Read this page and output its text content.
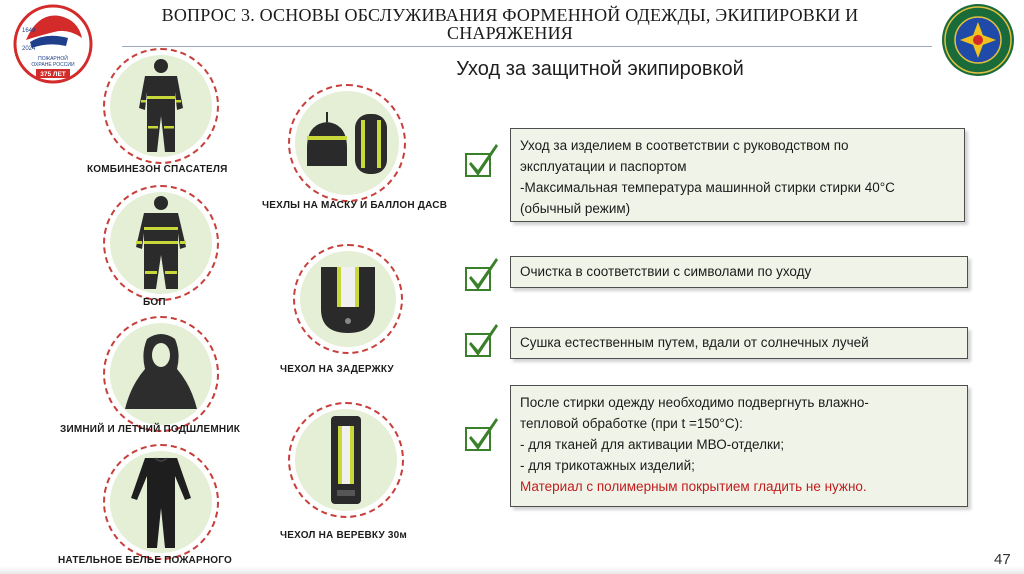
1649
2024
ПОЖАРНОЙ
ОХРАНЕ РОССИИ
375 ЛЕТ
ВОПРОС 3. ОСНОВЫ ОБСЛУЖИВАНИЯ ФОРМЕННОЙ ОДЕЖДЫ, ЭКИПИРОВКИ И
СНАРЯЖЕНИЯ
Уход за защитной экипировкой
КОМБИНЕЗОН СПАСАТЕЛЯ
ЧЕХЛЫ НА МАСКУ И БАЛЛОН ДАСВ
БОП
ЧЕХОЛ НА ЗАДЕРЖКУ
ЗИМНИЙ И ЛЕТНИЙ ПОДШЛЕМНИК
ЧЕХОЛ НА ВЕРЕВКУ 30м
НАТЕЛЬНОЕ БЕЛЬЕ ПОЖАРНОГО
Уход за изделием в соответствии с руководством по
эксплуатации и паспортом
-Максимальная температура машинной стирки стирки 40°С
(обычный режим)
Очистка в соответствии с символами по уходу
Сушка естественным путем, вдали от солнечных лучей
После стирки одежду необходимо подвергнуть влажно-
тепловой обработке (при t =150°С):
- для тканей для активации МВО-отделки;
- для трикотажных изделий;
Материал с полимерным покрытием гладить не нужно.
47
